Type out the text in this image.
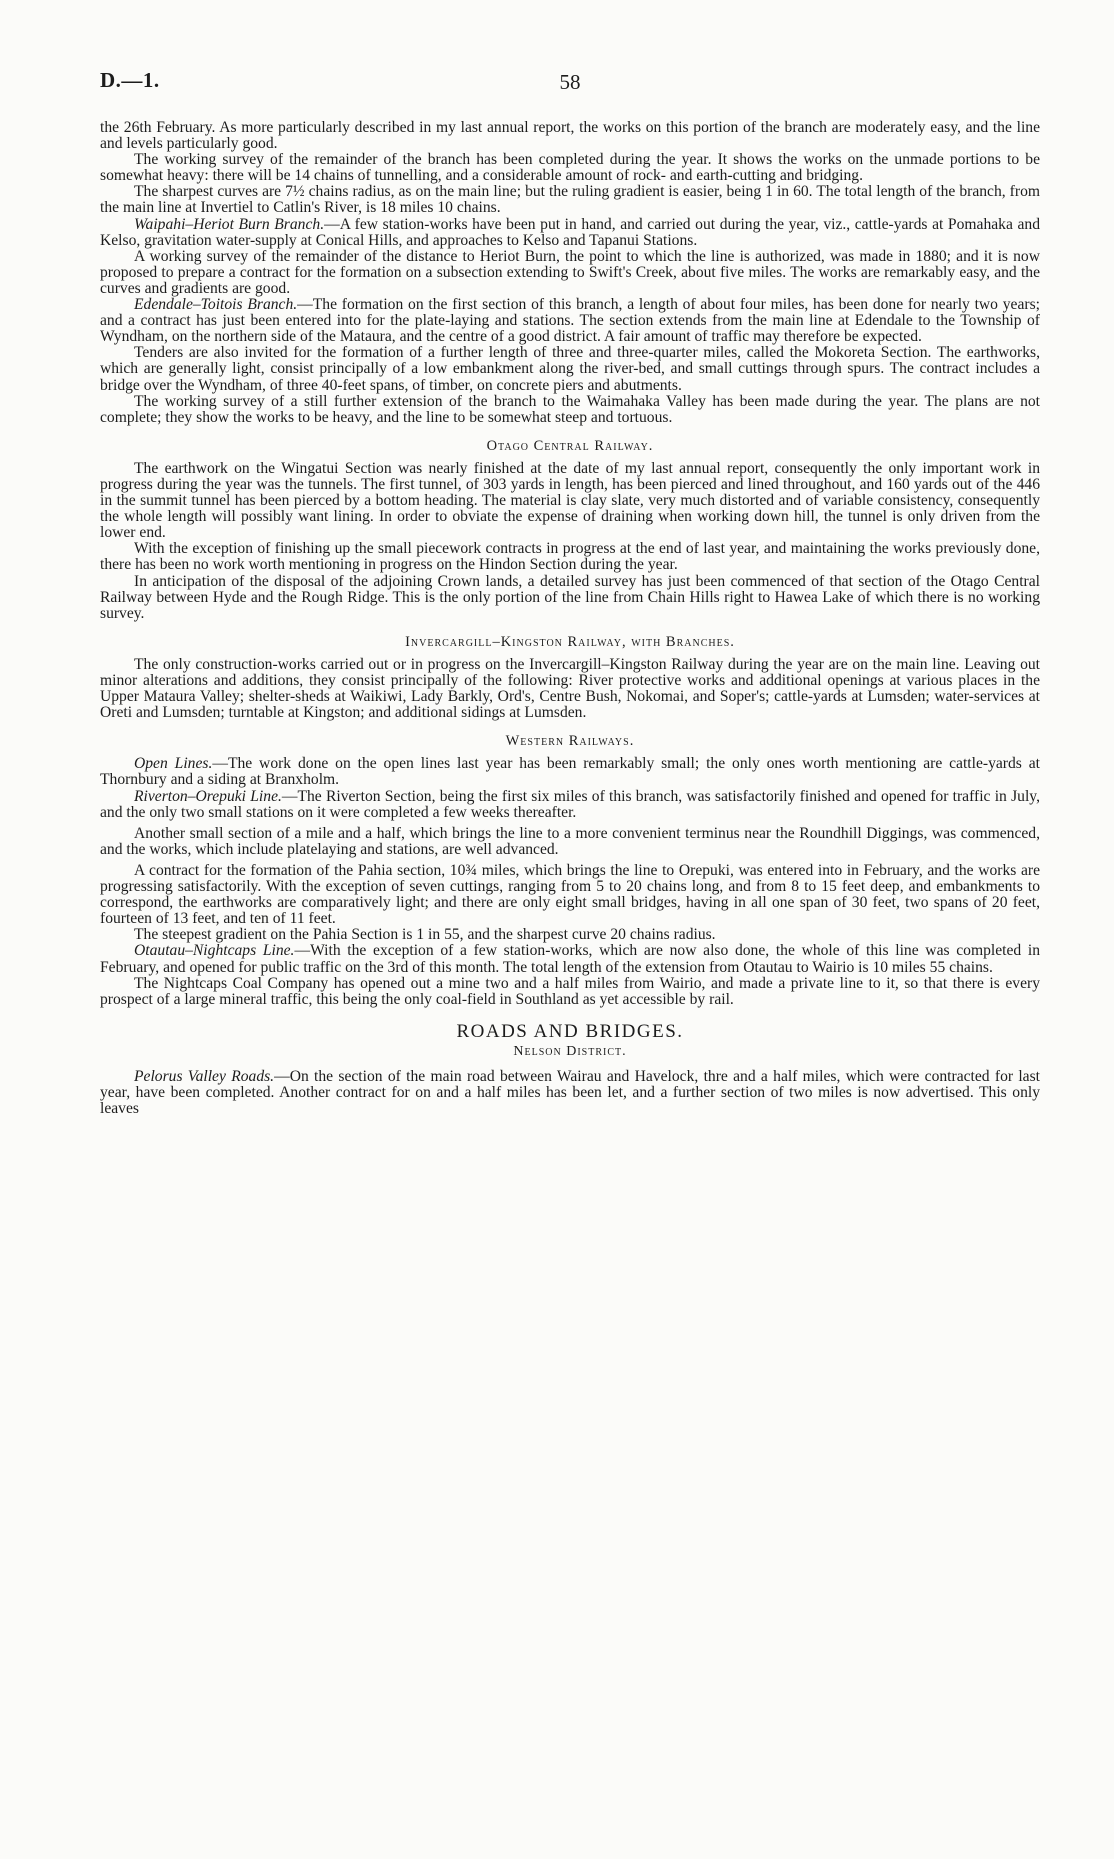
D.—1.	58

the 26th February. As more particularly described in my last annual report, the works on this portion of the branch are moderately easy, and the line and levels particularly good.

The working survey of the remainder of the branch has been completed during the year. It shows the works on the unmade portions to be somewhat heavy: there will be 14 chains of tunnelling, and a considerable amount of rock- and earth-cutting and bridging.

The sharpest curves are 7½ chains radius, as on the main line; but the ruling gradient is easier, being 1 in 60. The total length of the branch, from the main line at Invertiel to Catlin's River, is 18 miles 10 chains.

Waipahi–Heriot Burn Branch.—A few station-works have been put in hand, and carried out during the year, viz., cattle-yards at Pomahaka and Kelso, gravitation water-supply at Conical Hills, and approaches to Kelso and Tapanui Stations.

A working survey of the remainder of the distance to Heriot Burn, the point to which the line is authorized, was made in 1880; and it is now proposed to prepare a contract for the formation on a subsection extending to Swift's Creek, about five miles. The works are remarkably easy, and the curves and gradients are good.

Edendale–Toitois Branch.—The formation on the first section of this branch, a length of about four miles, has been done for nearly two years; and a contract has just been entered into for the plate-laying and stations. The section extends from the main line at Edendale to the Township of Wyndham, on the northern side of the Mataura, and the centre of a good district. A fair amount of traffic may therefore be expected.

Tenders are also invited for the formation of a further length of three and three-quarter miles, called the Mokoreta Section. The earthworks, which are generally light, consist principally of a low embankment along the river-bed, and small cuttings through spurs. The contract includes a bridge over the Wyndham, of three 40-feet spans, of timber, on concrete piers and abutments.

The working survey of a still further extension of the branch to the Waimahaka Valley has been made during the year. The plans are not complete; they show the works to be heavy, and the line to be somewhat steep and tortuous.

Otago Central Railway.

The earthwork on the Wingatui Section was nearly finished at the date of my last annual report, consequently the only important work in progress during the year was the tunnels. The first tunnel, of 303 yards in length, has been pierced and lined throughout, and 160 yards out of the 446 in the summit tunnel has been pierced by a bottom heading. The material is clay slate, very much distorted and of variable consistency, consequently the whole length will possibly want lining. In order to obviate the expense of draining when working down hill, the tunnel is only driven from the lower end.

With the exception of finishing up the small piecework contracts in progress at the end of last year, and maintaining the works previously done, there has been no work worth mentioning in progress on the Hindon Section during the year.

In anticipation of the disposal of the adjoining Crown lands, a detailed survey has just been commenced of that section of the Otago Central Railway between Hyde and the Rough Ridge. This is the only portion of the line from Chain Hills right to Hawea Lake of which there is no working survey.

Invercargill–Kingston Railway, with Branches.

The only construction-works carried out or in progress on the Invercargill–Kingston Railway during the year are on the main line. Leaving out minor alterations and additions, they consist principally of the following: River protective works and additional openings at various places in the Upper Mataura Valley; shelter-sheds at Waikiwi, Lady Barkly, Ord's, Centre Bush, Nokomai, and Soper's; cattle-yards at Lumsden; water-services at Oreti and Lumsden; turntable at Kingston; and additional sidings at Lumsden.

Western Railways.

Open Lines.—The work done on the open lines last year has been remarkably small; the only ones worth mentioning are cattle-yards at Thornbury and a siding at Branxholm.

Riverton–Orepuki Line.—The Riverton Section, being the first six miles of this branch, was satisfactorily finished and opened for traffic in July, and the only two small stations on it were completed a few weeks thereafter.

Another small section of a mile and a half, which brings the line to a more convenient terminus near the Roundhill Diggings, was commenced, and the works, which include platelaying and stations, are well advanced.

A contract for the formation of the Pahia section, 10¾ miles, which brings the line to Orepuki, was entered into in February, and the works are progressing satisfactorily. With the exception of seven cuttings, ranging from 5 to 20 chains long, and from 8 to 15 feet deep, and embankments to correspond, the earthworks are comparatively light; and there are only eight small bridges, having in all one span of 30 feet, two spans of 20 feet, fourteen of 13 feet, and ten of 11 feet.

The steepest gradient on the Pahia Section is 1 in 55, and the sharpest curve 20 chains radius.

Otautau–Nightcaps Line.—With the exception of a few station-works, which are now also done, the whole of this line was completed in February, and opened for public traffic on the 3rd of this month. The total length of the extension from Otautau to Wairio is 10 miles 55 chains.

The Nightcaps Coal Company has opened out a mine two and a half miles from Wairio, and made a private line to it, so that there is every prospect of a large mineral traffic, this being the only coal-field in Southland as yet accessible by rail.

ROADS AND BRIDGES.
Nelson District.

Pelorus Valley Roads.—On the section of the main road between Wairau and Havelock, thre and a half miles, which were contracted for last year, have been completed. Another contract for on and a half miles has been let, and a further section of two miles is now advertised. This only leaves
